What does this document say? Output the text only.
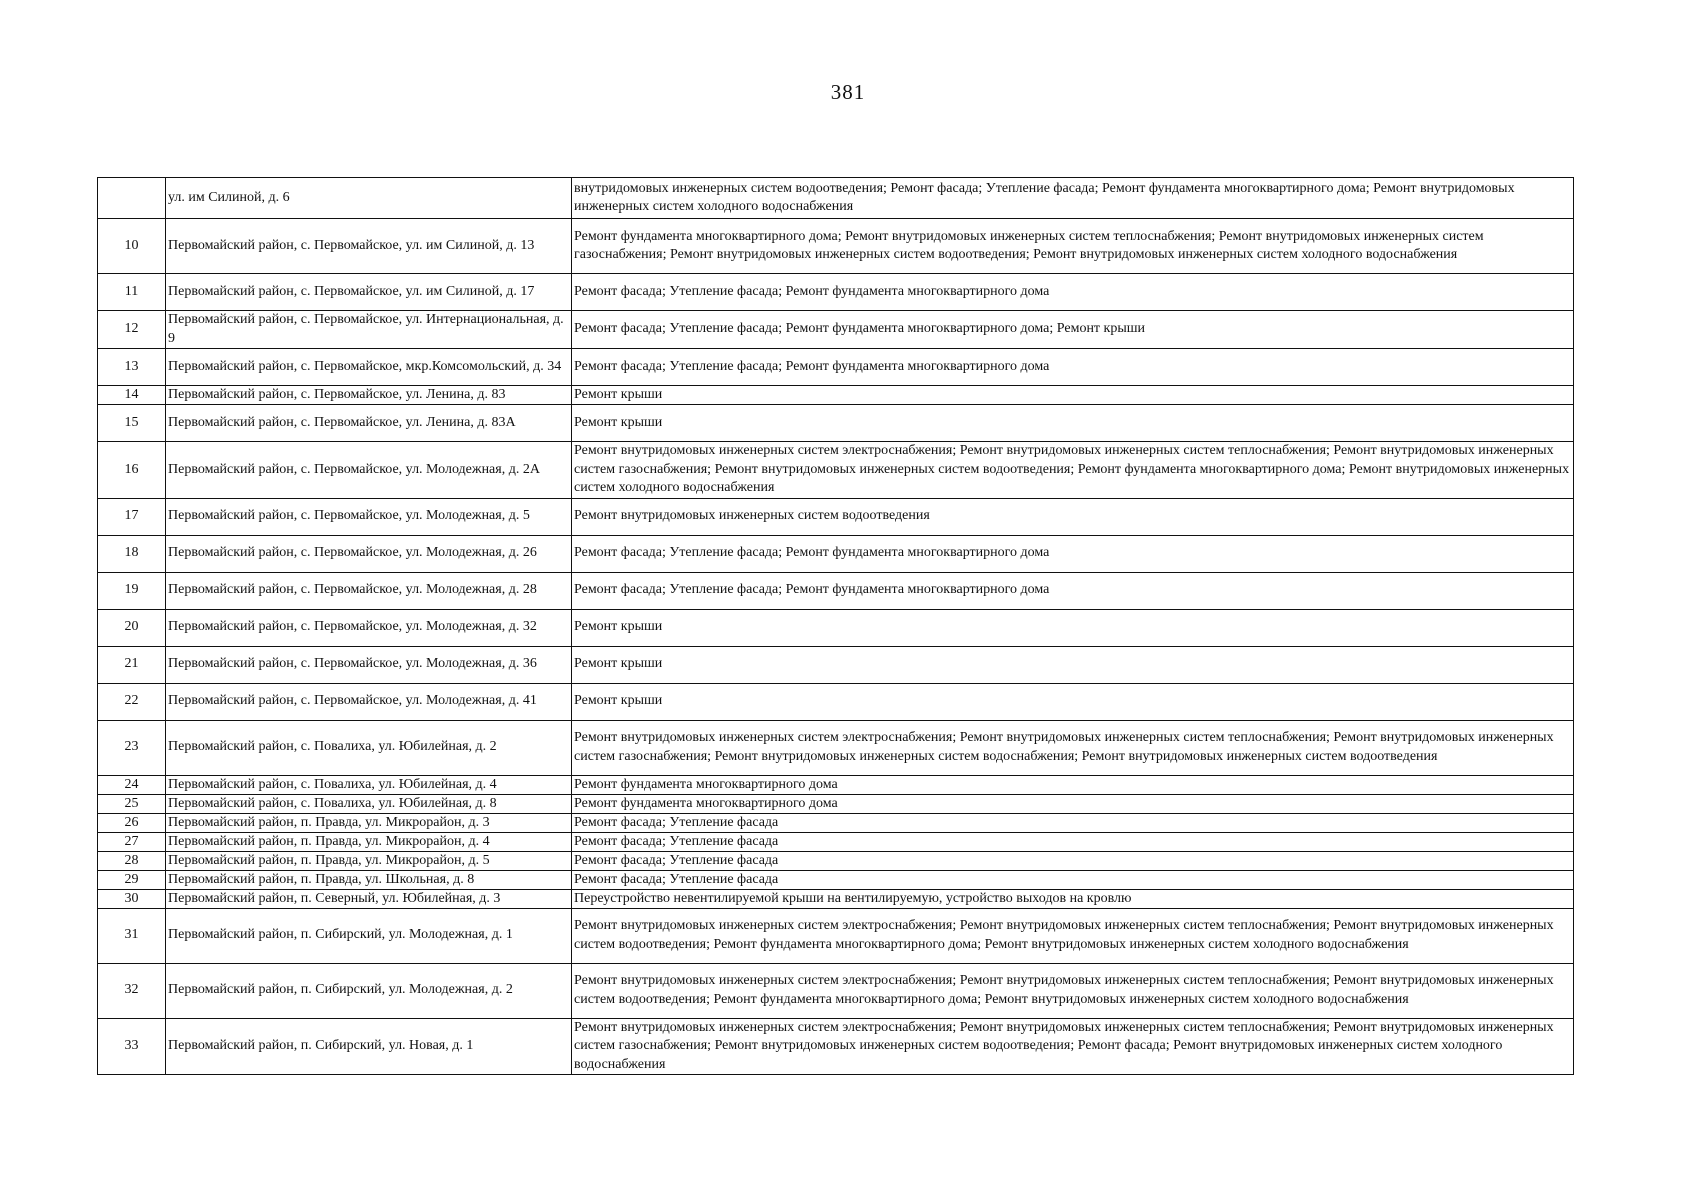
381
	ул. им Силиной, д. 6	внутридомовых инженерных систем водоотведения; Ремонт фасада; Утепление фасада; Ремонт фундамента многоквартирного дома; Ремонт внутридомовых инженерных систем холодного водоснабжения
10	Первомайский район, с. Первомайское, ул. им Силиной, д. 13	Ремонт фундамента многоквартирного дома; Ремонт внутридомовых инженерных систем теплоснабжения; Ремонт внутридомовых инженерных систем газоснабжения; Ремонт внутридомовых инженерных систем водоотведения; Ремонт внутридомовых инженерных систем холодного водоснабжения
11	Первомайский район, с. Первомайское, ул. им Силиной, д. 17	Ремонт фасада; Утепление фасада; Ремонт фундамента многоквартирного дома
12	Первомайский район, с. Первомайское, ул. Интернациональная, д. 9	Ремонт фасада; Утепление фасада; Ремонт фундамента многоквартирного дома; Ремонт крыши
13	Первомайский район, с. Первомайское, мкр.Комсомольский, д. 34	Ремонт фасада; Утепление фасада; Ремонт фундамента многоквартирного дома
14	Первомайский район, с. Первомайское, ул. Ленина, д. 83	Ремонт крыши
15	Первомайский район, с. Первомайское, ул. Ленина, д. 83А	Ремонт крыши
16	Первомайский район, с. Первомайское, ул. Молодежная, д. 2А	Ремонт внутридомовых инженерных систем электроснабжения; Ремонт внутридомовых инженерных систем теплоснабжения; Ремонт внутридомовых инженерных систем газоснабжения; Ремонт внутридомовых инженерных систем водоотведения; Ремонт фундамента многоквартирного дома; Ремонт внутридомовых инженерных систем холодного водоснабжения
17	Первомайский район, с. Первомайское, ул. Молодежная, д. 5	Ремонт внутридомовых инженерных систем водоотведения
18	Первомайский район, с. Первомайское, ул. Молодежная, д. 26	Ремонт фасада; Утепление фасада; Ремонт фундамента многоквартирного дома
19	Первомайский район, с. Первомайское, ул. Молодежная, д. 28	Ремонт фасада; Утепление фасада; Ремонт фундамента многоквартирного дома
20	Первомайский район, с. Первомайское, ул. Молодежная, д. 32	Ремонт крыши
21	Первомайский район, с. Первомайское, ул. Молодежная, д. 36	Ремонт крыши
22	Первомайский район, с. Первомайское, ул. Молодежная, д. 41	Ремонт крыши
23	Первомайский район, с. Повалиха, ул. Юбилейная, д. 2	Ремонт внутридомовых инженерных систем электроснабжения; Ремонт внутридомовых инженерных систем теплоснабжения; Ремонт внутридомовых инженерных систем газоснабжения; Ремонт внутридомовых инженерных систем водоснабжения; Ремонт внутридомовых инженерных систем водоотведения
24	Первомайский район, с. Повалиха, ул. Юбилейная, д. 4	Ремонт фундамента многоквартирного дома
25	Первомайский район, с. Повалиха, ул. Юбилейная, д. 8	Ремонт фундамента многоквартирного дома
26	Первомайский район, п. Правда, ул. Микрорайон, д. 3	Ремонт фасада; Утепление фасада
27	Первомайский район, п. Правда, ул. Микрорайон, д. 4	Ремонт фасада; Утепление фасада
28	Первомайский район, п. Правда, ул. Микрорайон, д. 5	Ремонт фасада; Утепление фасада
29	Первомайский район, п. Правда, ул. Школьная, д. 8	Ремонт фасада; Утепление фасада
30	Первомайский район, п. Северный, ул. Юбилейная, д. 3	Переустройство невентилируемой крыши на вентилируемую, устройство выходов на кровлю
31	Первомайский район, п. Сибирский, ул. Молодежная, д. 1	Ремонт внутридомовых инженерных систем электроснабжения; Ремонт внутридомовых инженерных систем теплоснабжения; Ремонт внутридомовых инженерных систем водоотведения; Ремонт фундамента многоквартирного дома; Ремонт внутридомовых инженерных систем холодного водоснабжения
32	Первомайский район, п. Сибирский, ул. Молодежная, д. 2	Ремонт внутридомовых инженерных систем электроснабжения; Ремонт внутридомовых инженерных систем теплоснабжения; Ремонт внутридомовых инженерных систем водоотведения; Ремонт фундамента многоквартирного дома; Ремонт внутридомовых инженерных систем холодного водоснабжения
33	Первомайский район, п. Сибирский, ул. Новая, д. 1	Ремонт внутридомовых инженерных систем электроснабжения; Ремонт внутридомовых инженерных систем теплоснабжения; Ремонт внутридомовых инженерных систем газоснабжения; Ремонт внутридомовых инженерных систем водоотведения; Ремонт фасада; Ремонт внутридомовых инженерных систем холодного водоснабжения
